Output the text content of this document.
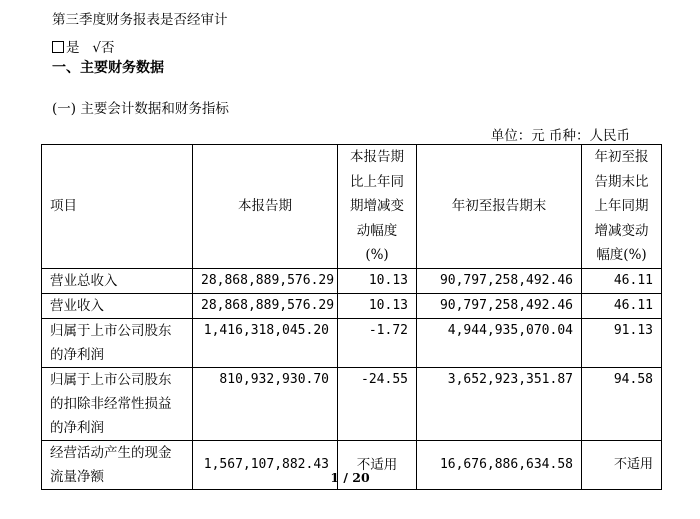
第三季度财务报表是否经审计
是 √否
一、主要财务数据
(一) 主要会计数据和财务指标
单位：元 币种：人民币
项目	本报告期	本报告期比上年同期增减变动幅度(%)	年初至报告期末	年初至报告期末比上年同期增减变动幅度(%)
营业总收入	28,868,889,576.29	10.13	90,797,258,492.46	46.11
营业收入	28,868,889,576.29	10.13	90,797,258,492.46	46.11
归属于上市公司股东的净利润	1,416,318,045.20	-1.72	4,944,935,070.04	91.13
归属于上市公司股东的扣除非经常性损益的净利润	810,932,930.70	-24.55	3,652,923,351.87	94.58
经营活动产生的现金流量净额	1,567,107,882.43	不适用	16,676,886,634.58	不适用
1 / 20
